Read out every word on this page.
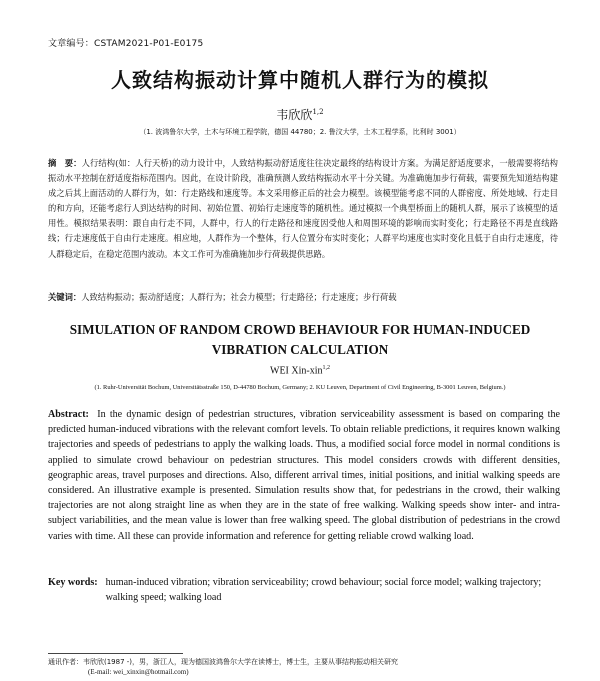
文章编号：CSTAM2021-P01-E0175
人致结构振动计算中随机人群行为的模拟
韦欣欣$^{1,2}$
（1. 波鸿鲁尔大学，土木与环境工程学院，德国 44780；2. 鲁汶大学，土木工程学系，比利时 3001）
摘　要：人行结构(如：人行天桥)的动力设计中，人致结构振动舒适度往往决定最终的结构设计方案。为满足舒适度要求，一般需要将结构振动水平控制在舒适度指标范围内。因此，在设计阶段，准确预测人致结构振动水平十分关键。为准确施加步行荷载，需要预先知道结构建成之后其上面活动的人群行为，如：行走路线和速度等。本文采用修正后的社会力模型。该模型能考虑不同的人群密度、所处地域、行走目的和方向，还能考虑行人到达结构的时间、初始位置、初始行走速度等的随机性。通过模拟一个典型桥面上的随机人群，展示了该模型的适用性。模拟结果表明：跟自由行走不同，人群中，行人的行走路径和速度因受他人和周围环境的影响而实时变化；行走路径不再是直线路线；行走速度低于自由行走速度。相应地，人群作为一个整体，行人位置分布实时变化；人群平均速度也实时变化且低于自由行走速度，待人群稳定后，在稳定范围内波动。本文工作可为准确施加步行荷载提供思路。
关键词：人致结构振动；振动舒适度；人群行为；社会力模型；行走路径；行走速度；步行荷载
SIMULATION OF RANDOM CROWD BEHAVIOUR FOR HUMAN-INDUCED VIBRATION CALCULATION
WEI Xin-xin$^{1,2}$
(1. Ruhr-Universität Bochum, Universitätsstraße 150, D-44780 Bochum, Germany; 2. KU Leuven, Department of Civil Engineering, B-3001 Leuven, Belgium.)
Abstract: In the dynamic design of pedestrian structures, vibration serviceability assessment is based on comparing the predicted human-induced vibrations with the relevant comfort levels. To obtain reliable predictions, it requires known walking trajectories and speeds of pedestrians to apply the walking loads. Thus, a modified social force model in normal conditions is applied to simulate crowd behaviour on pedestrian structures. This model considers crowds with different densities, geographic areas, travel purposes and directions. Also, different arrival times, initial positions, and initial walking speeds are considered. An illustrative example is presented. Simulation results show that, for pedestrians in the crowd, their walking trajectories are not along straight line as when they are in the state of free walking. Walking speeds show inter- and intra-subject variabilities, and the mean value is lower than free walking speed. The global distribution of pedestrians in the crowd varies with time. All these can provide information and reference for getting reliable crowd walking load.
Key words: human-induced vibration; vibration serviceability; crowd behaviour; social force model; walking trajectory; walking speed; walking load
通讯作者：韦欣欣(1987 -)，男，浙江人，现为德国波鸿鲁尔大学在读博士，博士生，主要从事结构振动相关研究
(E-mail: wei_xinxin@hotmail.com)
